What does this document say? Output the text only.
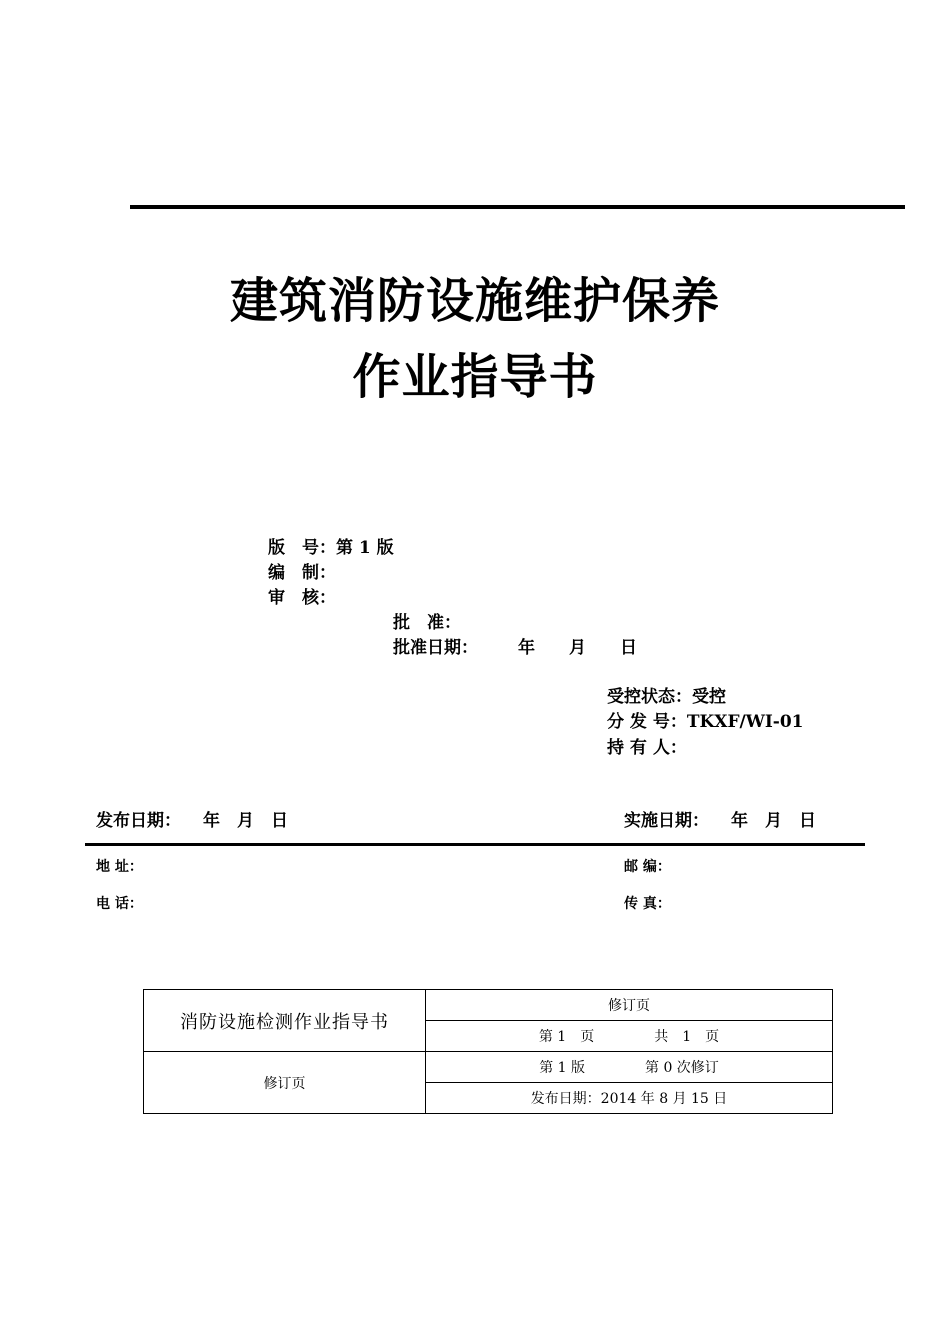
建筑消防设施维护保养
作业指导书
版　号：第 1 版
编　制：
审　核：
批　准：
批准日期： 年　　月　　日
受控状态：受控
分 发 号：TKXF/WI-01
持 有 人：
发布日期： 年　月　日	实施日期： 年　月　日
地 址：	邮 编：
电 话：	传 真：
消防设施检测作业指导书	修订页
	第 1　页 共　1　页
修订页	第 1 版 第 0 次修订
	发布日期：2014 年 8 月 15 日
